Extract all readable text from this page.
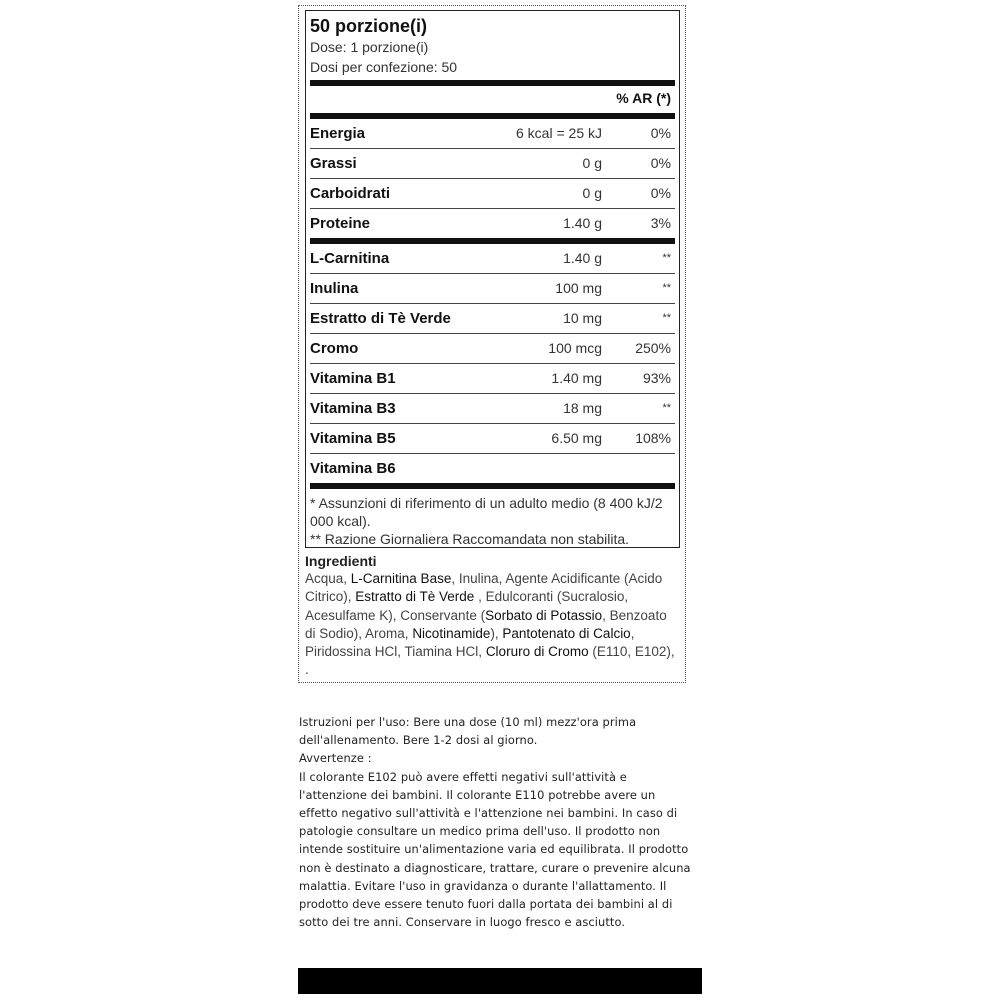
50 porzione(i)
Dose: 1 porzione(i)
Dosi per confezione: 50
% AR (*)
Energia	6 kcal = 25 kJ	0%
Grassi	0 g	0%
Carboidrati	0 g	0%
Proteine	1.40 g	3%
L-Carnitina	1.40 g	**
Inulina	100 mg	**
Estratto di Tè Verde	10 mg	**
Cromo	100 mcg 250%
Vitamina B1	1.40 mg	93%
Vitamina B3	18 mg	**
Vitamina B5	6.50 mg 108%
Vitamina B6
* Assunzioni di riferimento di un adulto medio (8 400 kJ/2 000 kcal).
** Razione Giornaliera Raccomandata non stabilita.
Ingredienti
Acqua, L-Carnitina Base, Inulina, Agente Acidificante (Acido Citrico), Estratto di Tè Verde , Edulcoranti (Sucralosio, Acesulfame K), Conservante (Sorbato di Potassio, Benzoato di Sodio), Aroma, Nicotinamide), Pantotenato di Calcio, Piridossina HCl, Tiamina HCl, Cloruro di Cromo (E110, E102), .

Istruzioni per l'uso: Bere una dose (10 ml) mezz'ora prima dell'allenamento. Bere 1-2 dosi al giorno.

Avvertenze :

Il colorante E102 può avere effetti negativi sull'attività e l'attenzione dei bambini. Il colorante E110 potrebbe avere un effetto negativo sull'attività e l'attenzione nei bambini. In caso di patologie consultare un medico prima dell'uso. Il prodotto non intende sostituire un'alimentazione varia ed equilibrata. Il prodotto non è destinato a diagnosticare, trattare, curare o prevenire alcuna malattia. Evitare l'uso in gravidanza o durante l'allattamento. Il prodotto deve essere tenuto fuori dalla portata dei bambini al di sotto dei tre anni. Conservare in luogo fresco e asciutto.
